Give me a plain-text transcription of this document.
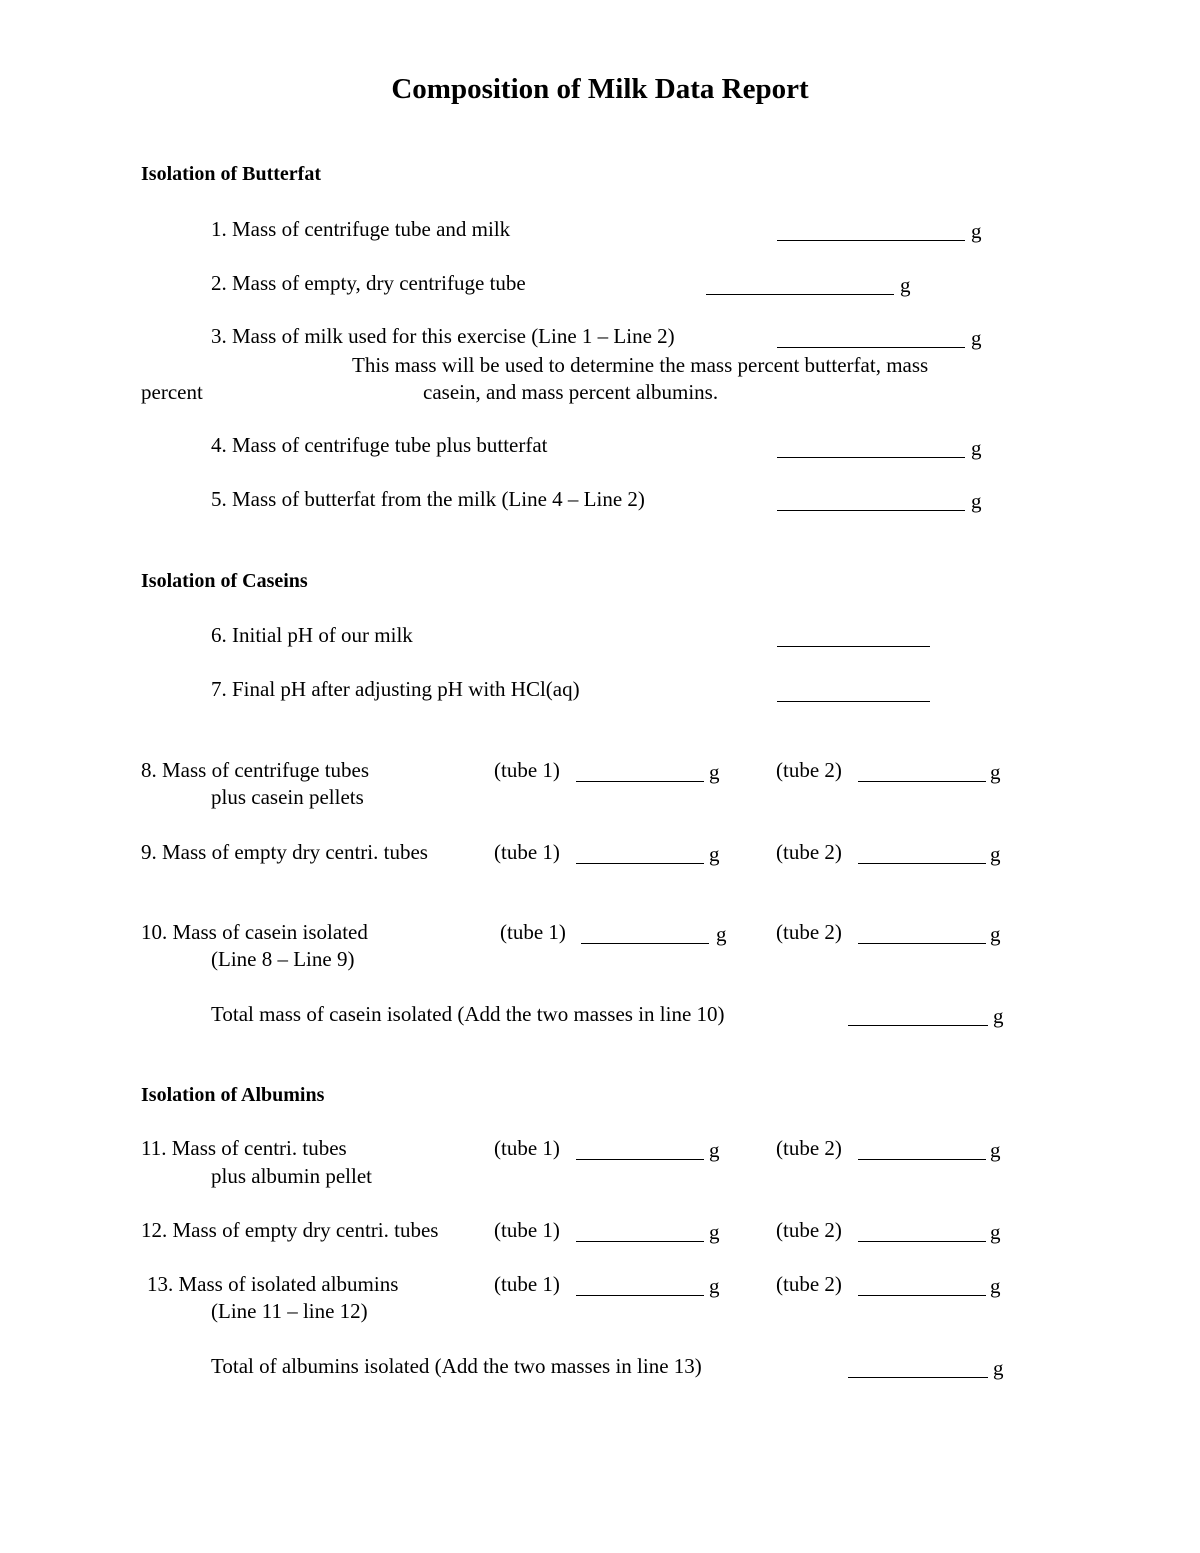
Composition of Milk Data Report
Isolation of Butterfat
1. Mass of centrifuge tube and milk	g
2. Mass of empty, dry centrifuge tube	g
3. Mass of milk used for this exercise (Line 1 – Line 2)	g
This mass will be used to determine the mass percent butterfat, mass
percent	casein, and mass percent albumins.
4. Mass of centrifuge tube plus butterfat	g
5. Mass of butterfat from the milk (Line 4 – Line 2)	g
Isolation of Caseins
6. Initial pH of our milk
7. Final pH after adjusting pH with HCl(aq)
8. Mass of centrifuge tubes
plus casein pellets
(tube 1)	g	(tube 2)	g
9. Mass of empty dry centri. tubes	(tube 1)	g	(tube 2)	g
10. Mass of casein isolated
(Line 8 – Line 9)
(tube 1)	g (tube 2)	g
Total mass of casein isolated (Add the two masses in line 10)	g
Isolation of Albumins
11. Mass of centri. tubes
plus albumin pellet
(tube 1)	g	(tube 2)	g
12. Mass of empty dry centri. tubes	(tube 1)	g	(tube 2)	g
13. Mass of isolated albumins
(Line 11 – line 12)
(tube 1)	g	(tube 2)	g
Total of albumins isolated (Add the two masses in line 13)	g
